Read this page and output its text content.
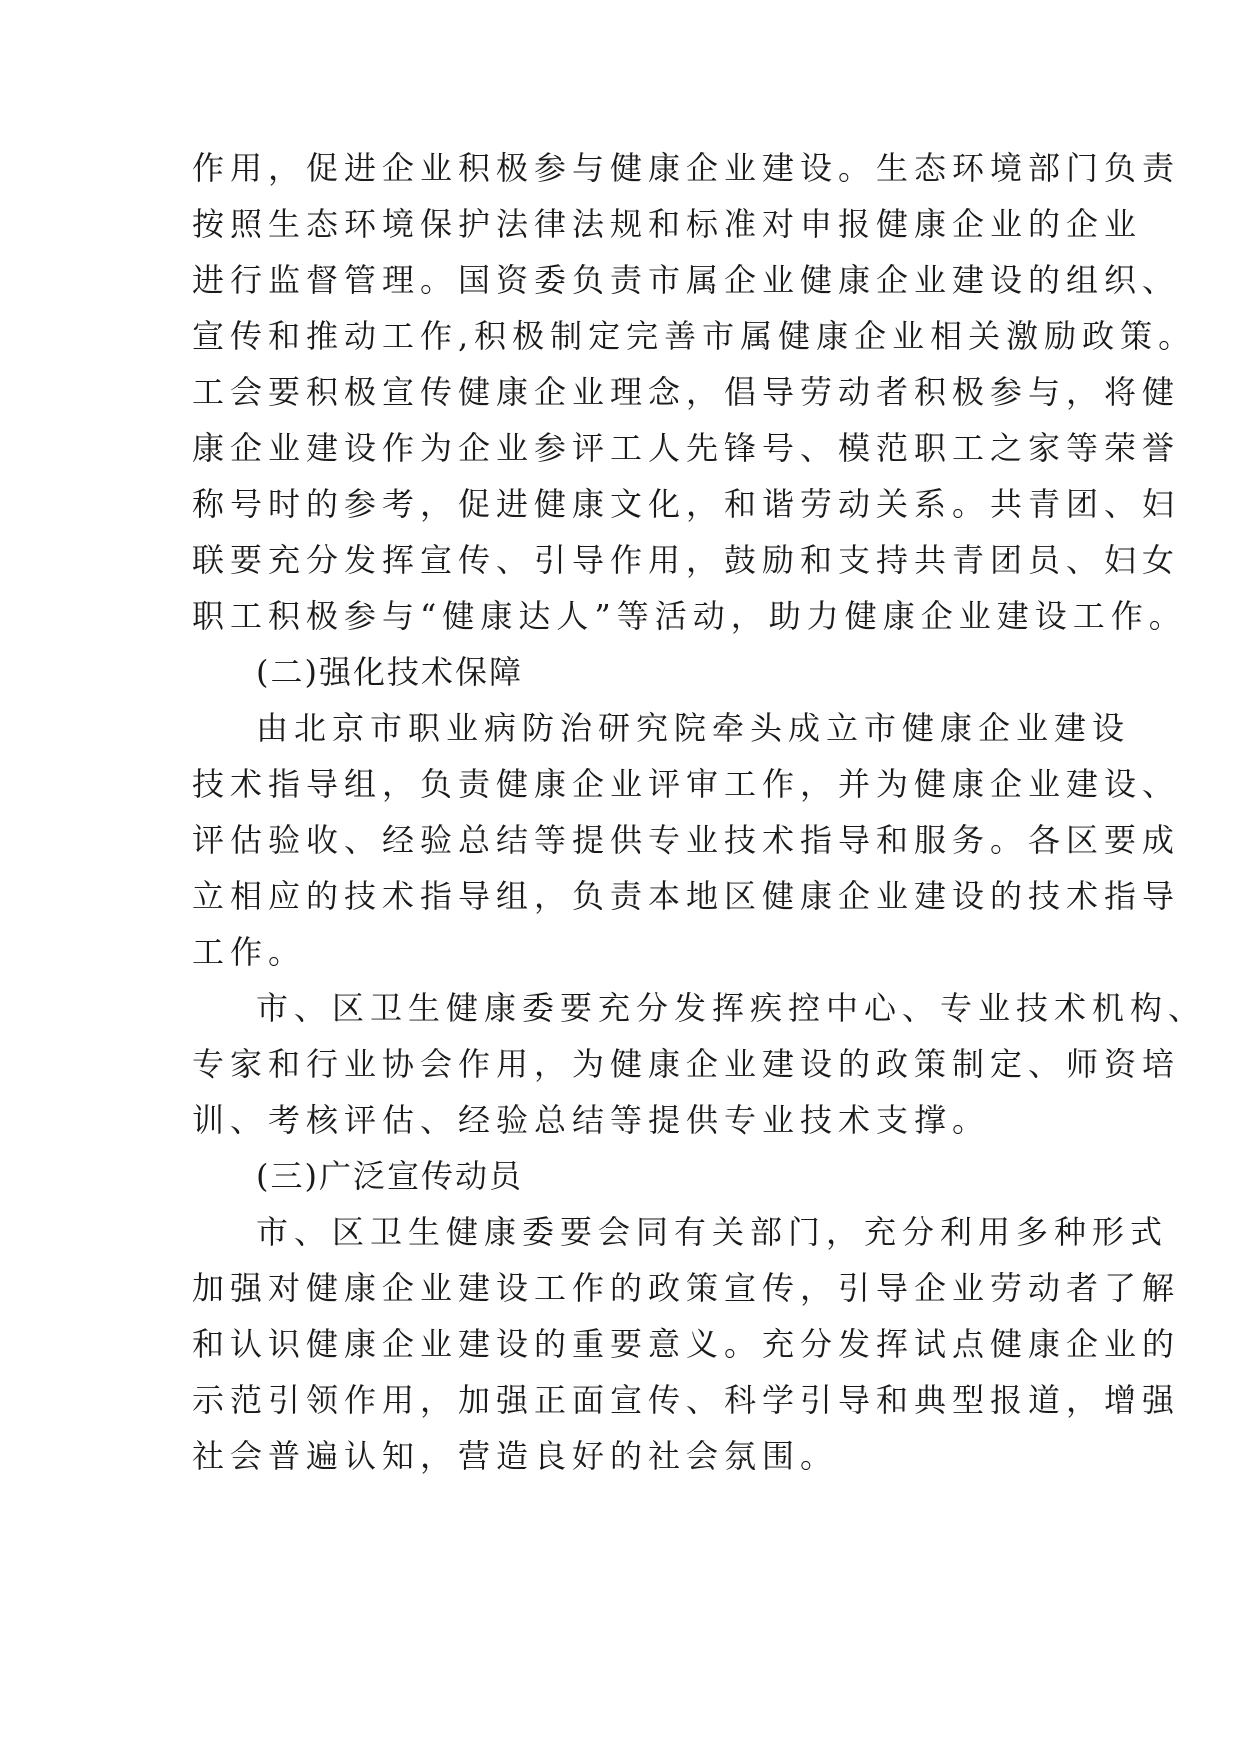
作用，促进企业积极参与健康企业建设。生态环境部门负责
按照生态环境保护法律法规和标准对申报健康企业的企业
进行监督管理。国资委负责市属企业健康企业建设的组织、
宣传和推动工作,积极制定完善市属健康企业相关激励政策。
工会要积极宣传健康企业理念，倡导劳动者积极参与，将健
康企业建设作为企业参评工人先锋号、模范职工之家等荣誉
称号时的参考，促进健康文化，和谐劳动关系。共青团、妇
联要充分发挥宣传、引导作用，鼓励和支持共青团员、妇女
职工积极参与“健康达人”等活动，助力健康企业建设工作。
(二)强化技术保障
由北京市职业病防治研究院牵头成立市健康企业建设
技术指导组，负责健康企业评审工作，并为健康企业建设、
评估验收、经验总结等提供专业技术指导和服务。各区要成
立相应的技术指导组，负责本地区健康企业建设的技术指导
工作。
市、区卫生健康委要充分发挥疾控中心、专业技术机构、
专家和行业协会作用，为健康企业建设的政策制定、师资培
训、考核评估、经验总结等提供专业技术支撑。
(三)广泛宣传动员
市、区卫生健康委要会同有关部门，充分利用多种形式
加强对健康企业建设工作的政策宣传，引导企业劳动者了解
和认识健康企业建设的重要意义。充分发挥试点健康企业的
示范引领作用，加强正面宣传、科学引导和典型报道，增强
社会普遍认知，营造良好的社会氛围。
